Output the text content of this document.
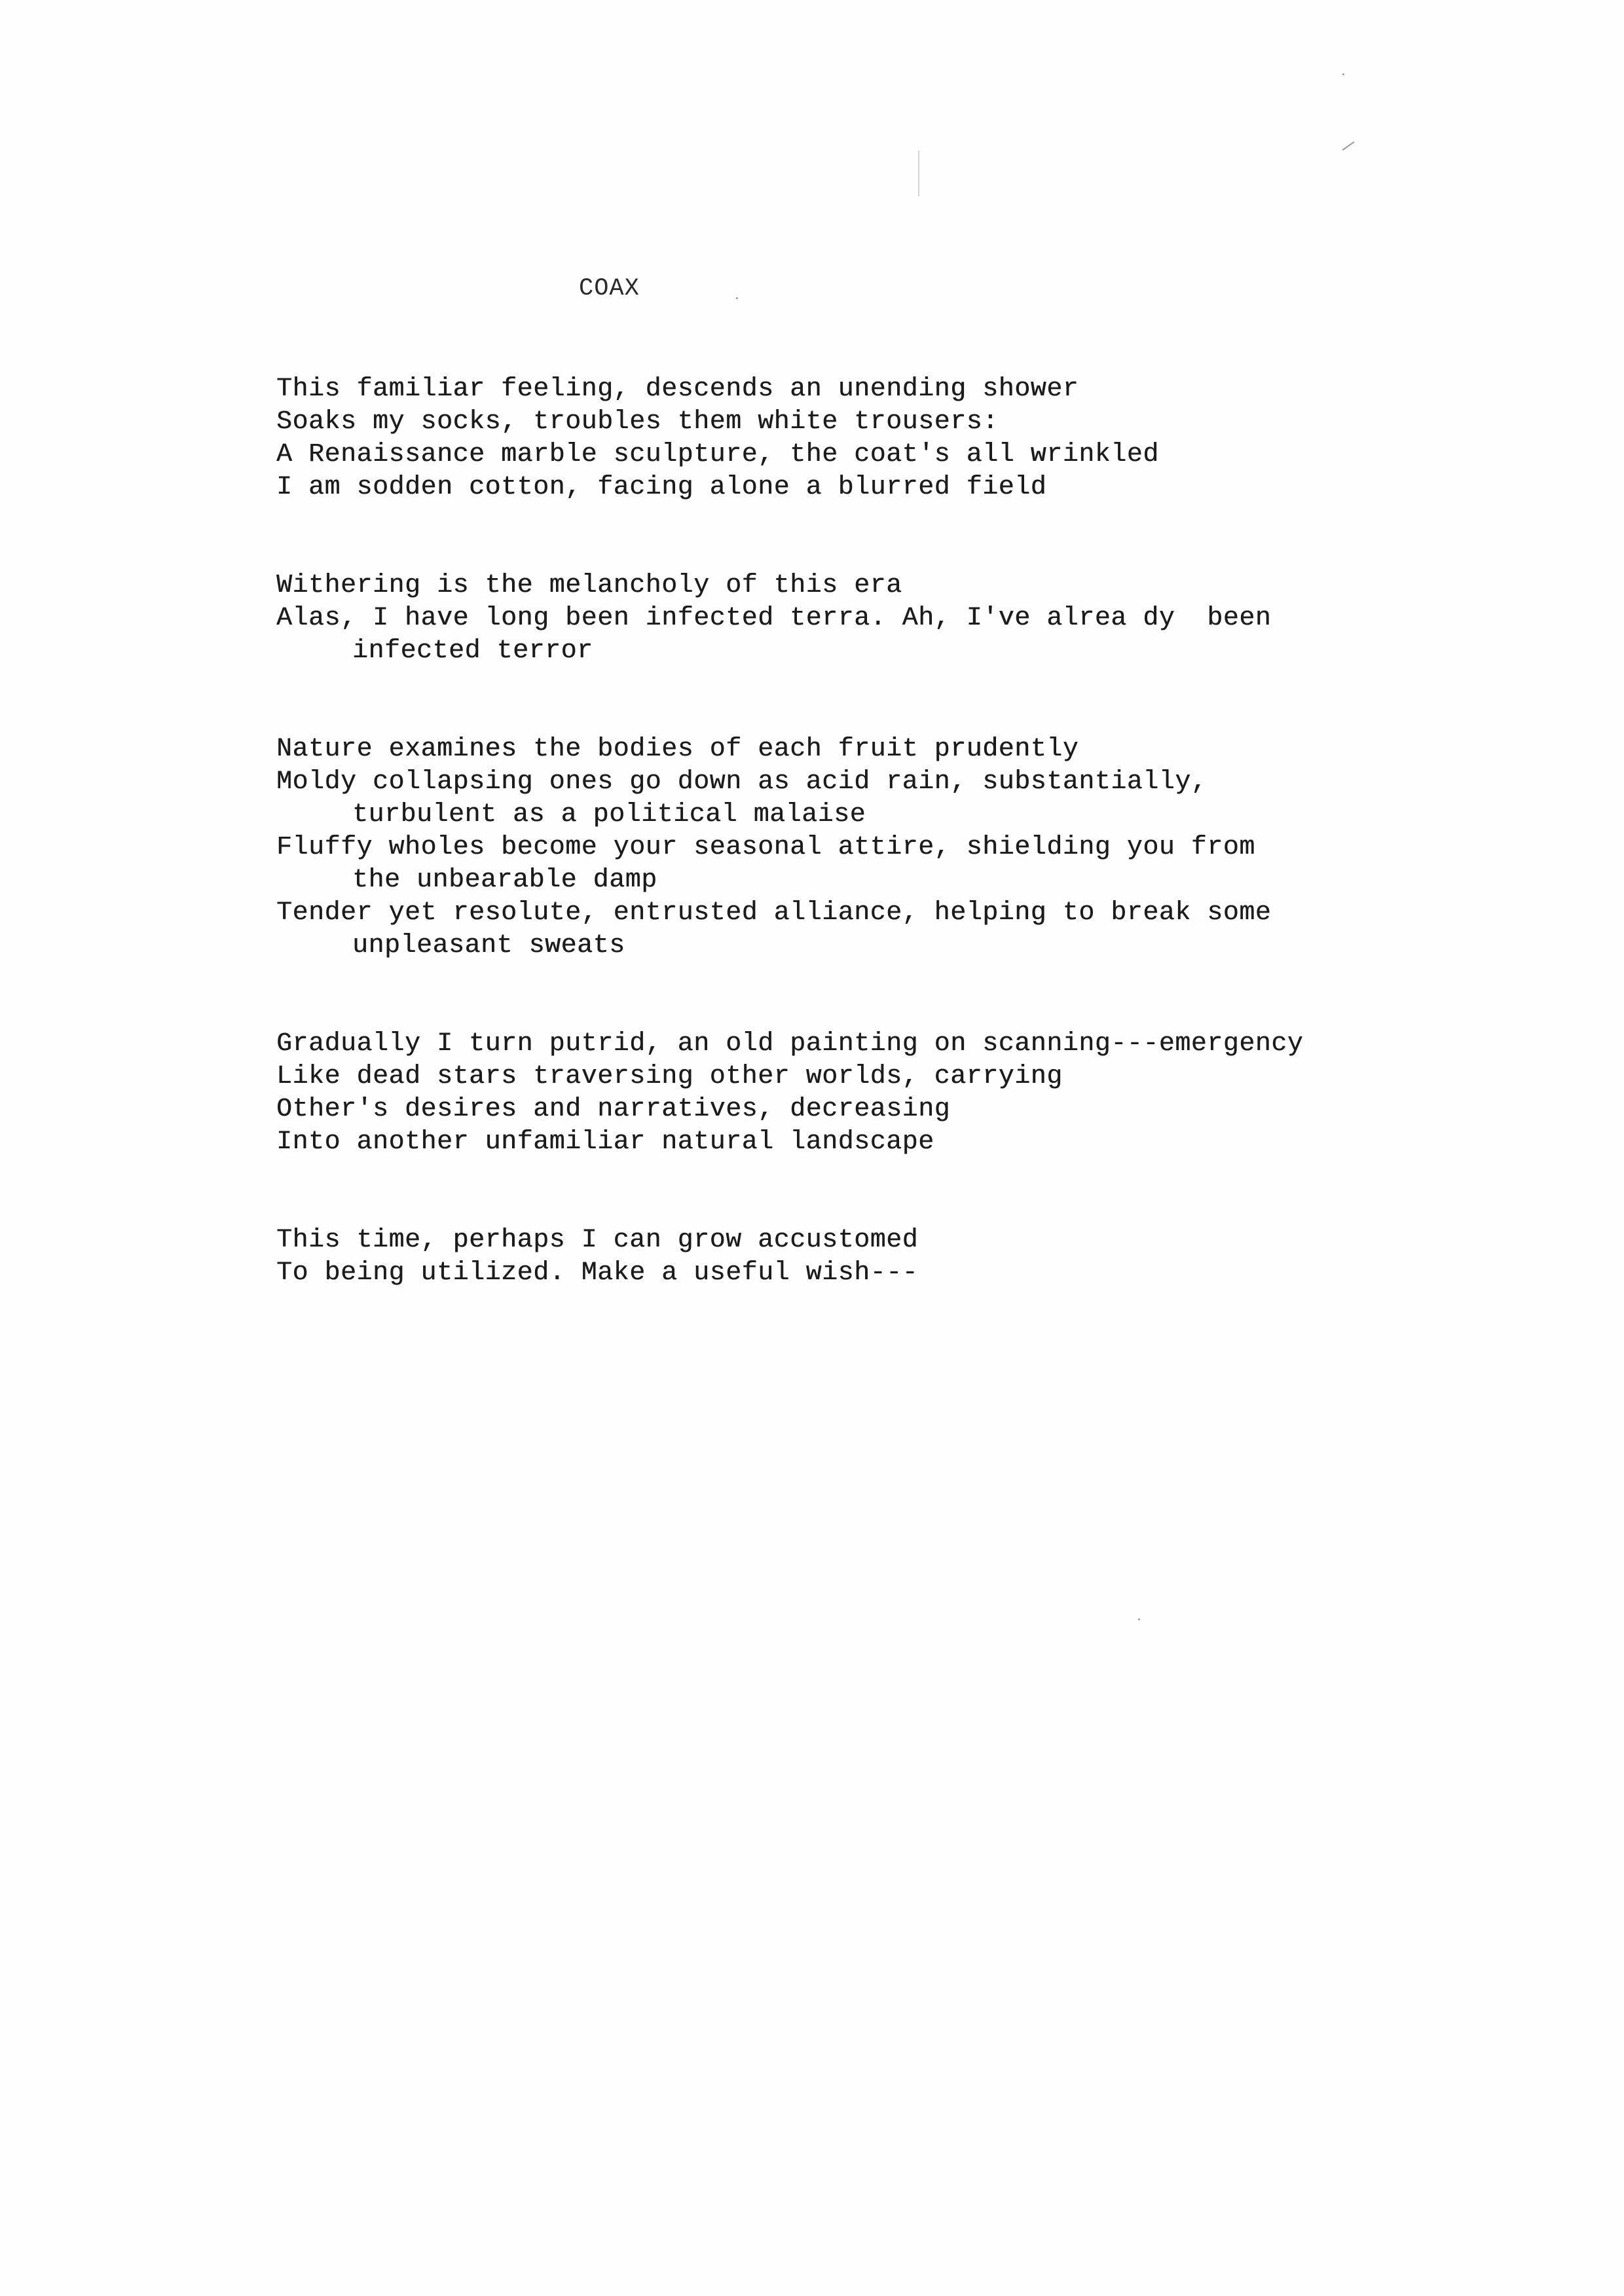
COAX
This familiar feeling, descends an unending shower
Soaks my socks, troubles them white trousers:
A Renaissance marble sculpture, the coat's all wrinkled
I am sodden cotton, facing alone a blurred field
Withering is the melancholy of this era
Alas, I have long been infected terra. Ah, I've alrea dy  been
infected terror
Nature examines the bodies of each fruit prudently
Moldy collapsing ones go down as acid rain, substantially,
turbulent as a political malaise
Fluffy wholes become your seasonal attire, shielding you from
the unbearable damp
Tender yet resolute, entrusted alliance, helping to break some
unpleasant sweats
Gradually I turn putrid, an old painting on scanning---emergency
Like dead stars traversing other worlds, carrying
Other's desires and narratives, decreasing
Into another unfamiliar natural landscape
This time, perhaps I can grow accustomed
To being utilized. Make a useful wish---
